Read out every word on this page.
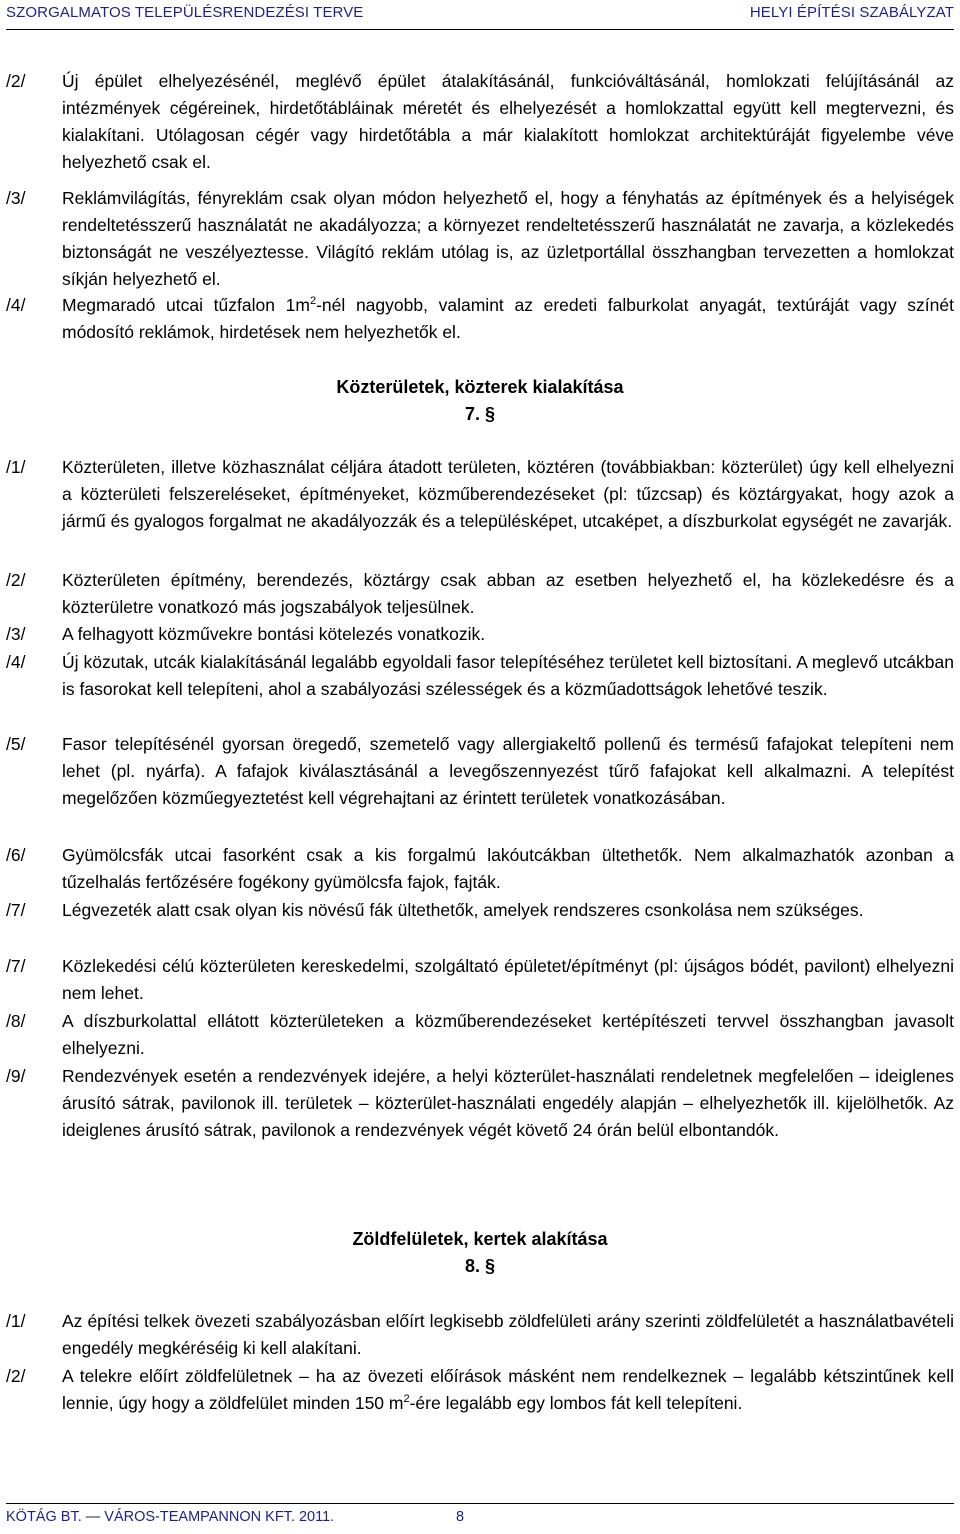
SZORGALMATOS TELEPÜLÉSRENDEZÉSI TERVE	HELYI ÉPÍTÉSI SZABÁLYZAT
/2/	Új épület elhelyezésénél, meglévő épület átalakításánál, funkcióváltásánál, homlokzati felújításánál az intézmények cégéreinek, hirdetőtábláinak méretét és elhelyezését a homlokzattal együtt kell megtervezni, és kialakítani. Utólagosan cégér vagy hirdetőtábla a már kialakított homlokzat architektúráját figyelembe véve helyezhető csak el.
/3/	Reklámvilágítás, fényreklám csak olyan módon helyezhető el, hogy a fényhatás az építmények és a helyiségek rendeltetésszerű használatát ne akadályozza; a környezet rendeltetésszerű használatát ne zavarja, a közlekedés biztonságát ne veszélyeztesse. Világító reklám utólag is, az üzletportállal összhangban tervezetten a homlokzat síkján helyezhető el.
/4/	Megmaradó utcai tűzfalon $1m^2$-nél nagyobb, valamint az eredeti falburkolat anyagát, textúráját vagy színét módosító reklámok, hirdetések nem helyezhetők el.
Közterületek, közterek kialakítása
7. §
/1/	Közterületen, illetve közhasználat céljára átadott területen, köztéren (továbbiakban: közterület) úgy kell elhelyezni a közterületi felszereléseket, építményeket, közműberendezéseket (pl: tűzcsap) és köztárgyakat, hogy azok a jármű és gyalogos forgalmat ne akadályozzák és a településképet, utcaképet, a díszburkolat egységét ne zavarják.
/2/	Közterületen építmény, berendezés, köztárgy csak abban az esetben helyezhető el, ha közlekedésre és a közterületre vonatkozó más jogszabályok teljesülnek.
/3/	A felhagyott közművekre bontási kötelezés vonatkozik.
/4/	Új közutak, utcák kialakításánál legalább egyoldali fasor telepítéséhez területet kell biztosítani. A meglevő utcákban is fasorokat kell telepíteni, ahol a szabályozási szélességek és a közműadottságok lehetővé teszik.
/5/	Fasor telepítésénél gyorsan öregedő, szemetelő vagy allergiakeltő pollenű és termésű fafajokat telepíteni nem lehet (pl. nyárfa). A fafajok kiválasztásánál a levegőszennyezést tűrő fafajokat kell alkalmazni. A telepítést megelőzően közműegyeztetést kell végrehajtani az érintett területek vonatkozásában.
/6/	Gyümölcsfák utcai fasorként csak a kis forgalmú lakóutcákban ültethetők. Nem alkalmazhatók azonban a tűzelhalás fertőzésére fogékony gyümölcsfa fajok, fajták.
/7/	Légvezeték alatt csak olyan kis növésű fák ültethetők, amelyek rendszeres csonkolása nem szükséges.
/7/	Közlekedési célú közterületen kereskedelmi, szolgáltató épületet/építményt (pl: újságos bódét, pavilont) elhelyezni nem lehet.
/8/	A díszburkolattal ellátott közterületeken a közműberendezéseket kertépítészeti tervvel összhangban javasolt elhelyezni.
/9/	Rendezvények esetén a rendezvények idejére, a helyi közterület-használati rendeletnek megfelelően – ideiglenes árusító sátrak, pavilonok ill. területek – közterület-használati engedély alapján – elhelyezhetők ill. kijelölhetők. Az ideiglenes árusító sátrak, pavilonok a rendezvények végét követő 24 órán belül elbontandók.
Zöldfelületek, kertek alakítása
8. §
/1/	Az építési telkek övezeti szabályozásban előírt legkisebb zöldfelületi arány szerinti zöldfelületét a használatbavételi engedély megkéréséig ki kell alakítani.
/2/	A telekre előírt zöldfelületnek – ha az övezeti előírások másként nem rendelkeznek – legalább kétszintűnek kell lennie, úgy hogy a zöldfelület minden 150 $m^2$-ére legalább egy lombos fát kell telepíteni.
KÖTÁG BT. — VÁROS-TEAMPANNON KFT. 2011.	8
